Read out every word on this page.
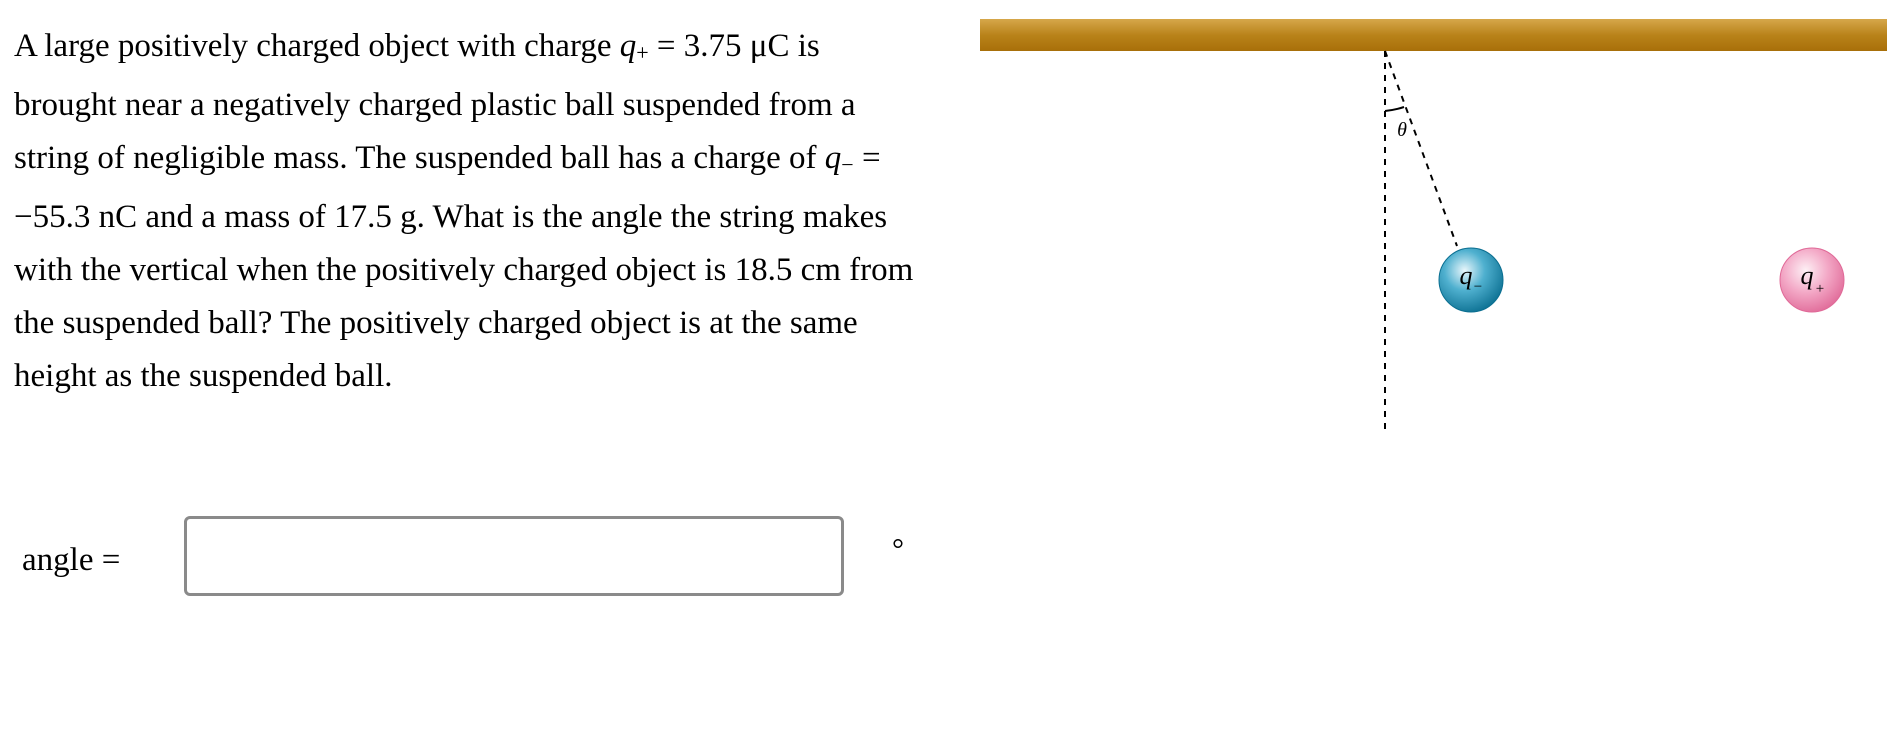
A large positively charged object with charge q+ = 3.75 μC is brought near a negatively charged plastic ball suspended from a string of negligible mass. The suspended ball has a charge of q− = −55.3 nC and a mass of 17.5 g. What is the angle the string makes with the vertical when the positively charged object is 18.5 cm from the suspended ball? The positively charged object is at the same height as the suspended ball.

angle =	°
θ
q −	q +
